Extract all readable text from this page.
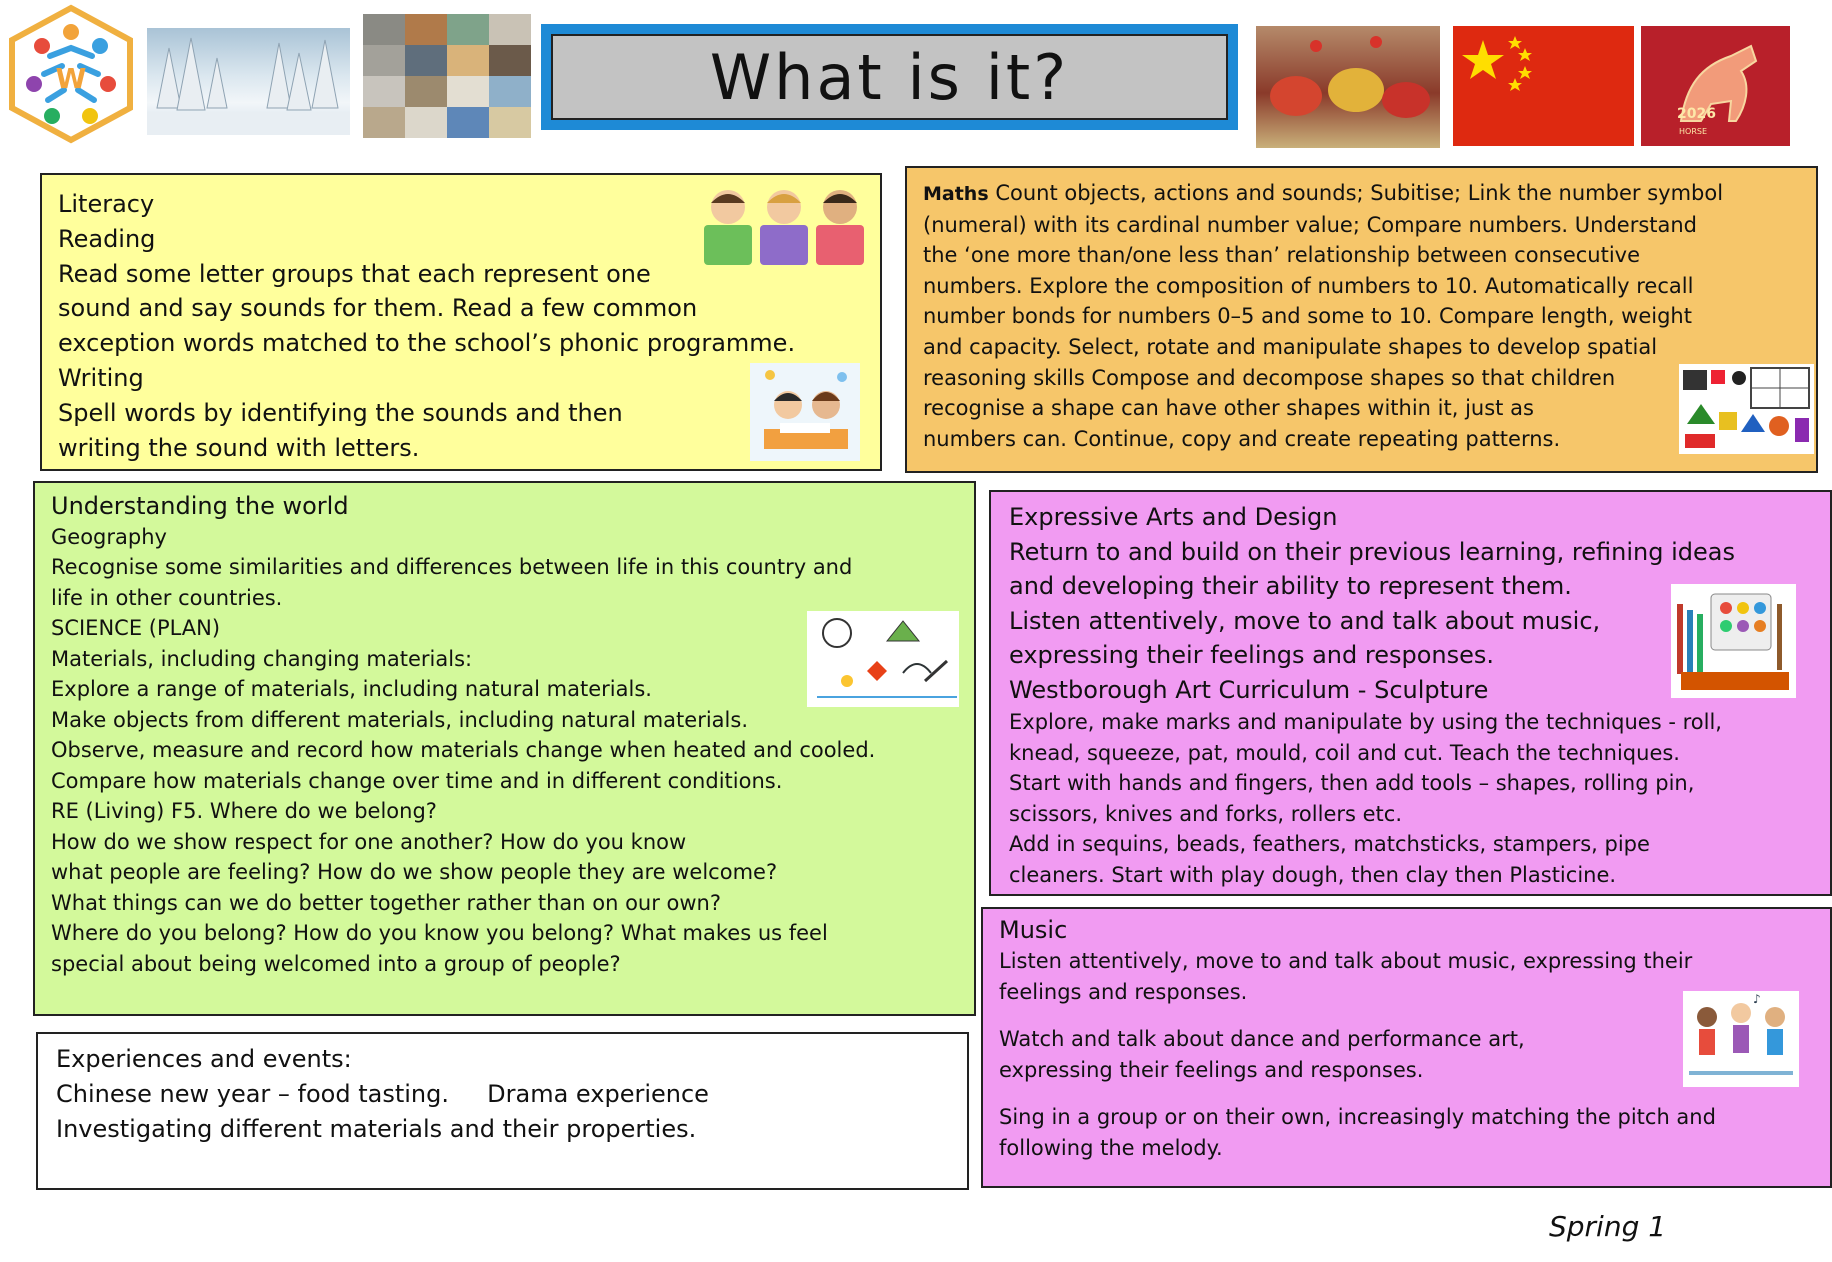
W	What is it?
2026
HORSE

Literacy

Reading

Read some letter groups that each represent one

sound and say sounds for them. Read a few common

exception words matched to the school’s phonic programme.

Writing

Spell words by identifying the sounds and then

writing the sound with letters.

Maths Count objects, actions and sounds; Subitise; Link the number symbol

(numeral) with its cardinal number value; Compare numbers. Understand

the ‘one more than/one less than’ relationship between consecutive

numbers. Explore the composition of numbers to 10. Automatically recall

number bonds for numbers 0–5 and some to 10. Compare length, weight

and capacity. Select, rotate and manipulate shapes to develop spatial

reasoning skills Compose and decompose shapes so that children

recognise a shape can have other shapes within it, just as

numbers can. Continue, copy and create repeating patterns.

Understanding the world

Geography

Recognise some similarities and differences between life in this country and

life in other countries.

SCIENCE (PLAN)

Materials, including changing materials:

Explore a range of materials, including natural materials.

Make objects from different materials, including natural materials.

Observe, measure and record how materials change when heated and cooled.

Compare how materials change over time and in different conditions.

RE (Living) F5. Where do we belong?

How do we show respect for one another? How do you know

what people are feeling? How do we show people they are welcome?

What things can we do better together rather than on our own?

Where do you belong? How do you know you belong? What makes us feel

special about being welcomed into a group of people?

Expressive Arts and Design

Return to and build on their previous learning, refining ideas

and developing their ability to represent them.

Listen attentively, move to and talk about music,

expressing their feelings and responses.

Westborough Art Curriculum - Sculpture

Explore, make marks and manipulate by using the techniques - roll,

knead, squeeze, pat, mould, coil and cut. Teach the techniques.

Start with hands and fingers, then add tools – shapes, rolling pin,

scissors, knives and forks, rollers etc.

Add in sequins, beads, feathers, matchsticks, stampers, pipe

cleaners. Start with play dough, then clay then Plasticine.

Music

Listen attentively, move to and talk about music, expressing their

feelings and responses.

Watch and talk about dance and performance art,

expressing their feelings and responses.

Sing in a group or on their own, increasingly matching the pitch and

following the melody.

♪

Experiences and events:

Chinese new year – food tasting.     Drama experience

Investigating different materials and their properties.

Spring 1
